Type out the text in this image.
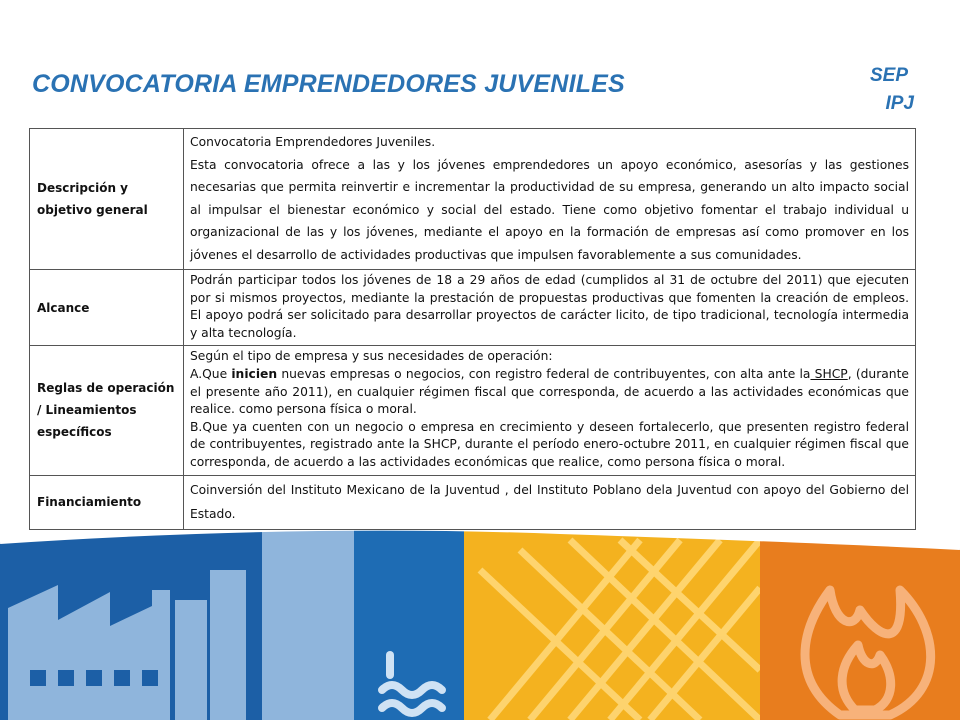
CONVOCATORIA EMPRENDEDORES JUVENILES	SEP

IPJ
Descripción y objetivo general	Convocatoria Emprendedores Juveniles.

Esta convocatoria ofrece a las y los jóvenes emprendedores un apoyo económico, asesorías y las gestiones necesarias que permita reinvertir e incrementar la productividad de su empresa, generando un alto impacto social al impulsar el bienestar económico y social del estado. Tiene como objetivo fomentar el trabajo individual u organizacional de las y los jóvenes, mediante el apoyo en la formación de empresas así como promover en los jóvenes el desarrollo de actividades productivas que impulsen favorablemente a sus comunidades.

Alcance	Podrán participar todos los jóvenes de 18 a 29 años de edad (cumplidos al 31 de octubre del 2011) que ejecuten por si mismos proyectos, mediante la prestación de propuestas productivas que fomenten la creación de empleos. El apoyo podrá ser solicitado para desarrollar proyectos de carácter licito, de tipo tradicional, tecnología intermedia y alta tecnología.

Reglas de operación / Lineamientos específicos	Según el tipo de empresa y sus necesidades de operación:

A.Que inicien nuevas empresas o negocios, con registro federal de contribuyentes, con alta ante la SHCP, (durante el presente año 2011), en cualquier régimen fiscal que corresponda, de acuerdo a las actividades económicas que realice. como persona física o moral.

B.Que ya cuenten con un negocio o empresa en crecimiento y deseen fortalecerlo, que presenten registro federal de contribuyentes, registrado ante la SHCP, durante el período enero-octubre 2011, en cualquier régimen fiscal que corresponda, de acuerdo a las actividades económicas que realice, como persona física o moral.

Financiamiento	Coinversión del Instituto Mexicano de la Juventud , del Instituto Poblano dela Juventud con apoyo del Gobierno del Estado.
